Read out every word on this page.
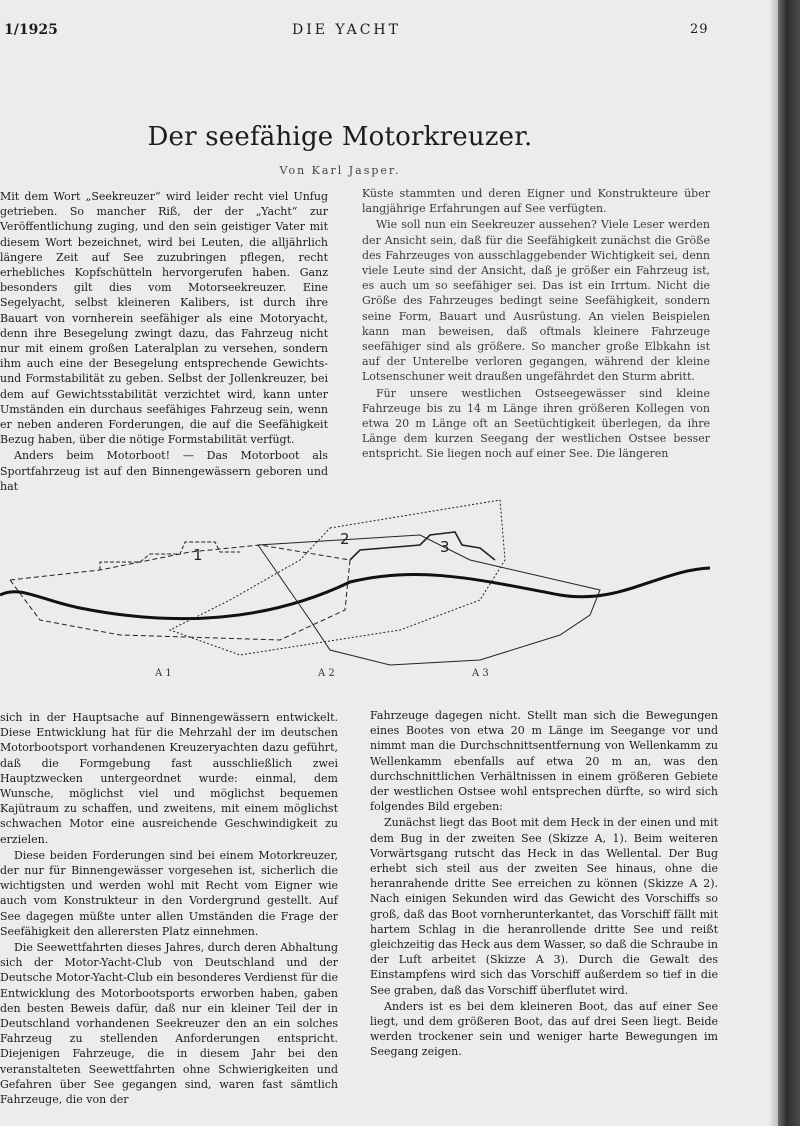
1/1925	DIE YACHT	29
Der seefähige Motorkreuzer.
Von Karl Jasper.

Mit dem Wort „Seekreuzer“ wird leider recht viel Unfug getrieben. So mancher Riß, der der „Yacht“ zur Veröffentlichung zuging, und den sein geistiger Vater mit diesem Wort bezeichnet, wird bei Leuten, die alljährlich längere Zeit auf See zuzubringen pflegen, recht erhebliches Kopfschütteln hervorgerufen haben. Ganz besonders gilt dies vom Motorseekreuzer. Eine Segelyacht, selbst kleineren Kalibers, ist durch ihre Bauart von vornherein seefähiger als eine Motoryacht, denn ihre Besegelung zwingt dazu, das Fahrzeug nicht nur mit einem großen Lateralplan zu versehen, sondern ihm auch eine der Besegelung entsprechende Gewichts- und Formstabilität zu geben. Selbst der Jollenkreuzer, bei dem auf Gewichtsstabilität verzichtet wird, kann unter Umständen ein durchaus seefähiges Fahrzeug sein, wenn er neben anderen Forderungen, die auf die Seefähigkeit Bezug haben, über die nötige Formstabilität verfügt.

Anders beim Motorboot! — Das Motorboot als Sportfahrzeug ist auf den Binnengewässern geboren und hat

Küste stammten und deren Eigner und Konstrukteure über langjährige Erfahrungen auf See verfügten.

Wie soll nun ein Seekreuzer aussehen? Viele Leser werden der Ansicht sein, daß für die Seefähigkeit zunächst die Größe des Fahrzeuges von ausschlaggebender Wichtigkeit sei, denn viele Leute sind der Ansicht, daß je größer ein Fahrzeug ist, es auch um so seefähiger sei. Das ist ein Irrtum. Nicht die Größe des Fahrzeuges bedingt seine Seefähigkeit, sondern seine Form, Bauart und Ausrüstung. An vielen Beispielen kann man beweisen, daß oftmals kleinere Fahrzeuge seefähiger sind als größere. So mancher große Elbkahn ist auf der Unterelbe verloren gegangen, während der kleine Lotsenschuner weit draußen ungefährdet den Sturm abritt.

Für unsere westlichen Ostseegewässer sind kleine Fahrzeuge bis zu 14 m Länge ihren größeren Kollegen von etwa 20 m Länge oft an Seetüchtigkeit überlegen, da ihre Länge dem kurzen Seegang der westlichen Ostsee besser entspricht. Sie liegen noch auf einer See. Die längeren

1
2	3
A 1	A 2	A 3

sich in der Hauptsache auf Binnengewässern entwickelt. Diese Entwicklung hat für die Mehrzahl der im deutschen Motorbootsport vorhandenen Kreuzeryachten dazu geführt, daß die Formgebung fast ausschließlich zwei Hauptzwecken untergeordnet wurde: einmal, dem Wunsche, möglichst viel und möglichst bequemen Kajütraum zu schaffen, und zweitens, mit einem möglichst schwachen Motor eine ausreichende Geschwindigkeit zu erzielen.

Diese beiden Forderungen sind bei einem Motorkreuzer, der nur für Binnengewässer vorgesehen ist, sicherlich die wichtigsten und werden wohl mit Recht vom Eigner wie auch vom Konstrukteur in den Vordergrund gestellt. Auf See dagegen müßte unter allen Umständen die Frage der Seefähigkeit den allerersten Platz einnehmen.

Die Seewettfahrten dieses Jahres, durch deren Abhaltung sich der Motor-Yacht-Club von Deutschland und der Deutsche Motor-Yacht-Club ein besonderes Verdienst für die Entwicklung des Motorbootsports erworben haben, gaben den besten Beweis dafür, daß nur ein kleiner Teil der in Deutschland vorhandenen Seekreuzer den an ein solches Fahrzeug zu stellenden Anforderungen entspricht. Diejenigen Fahrzeuge, die in diesem Jahr bei den veranstalteten Seewettfahrten ohne Schwierigkeiten und Gefahren über See gegangen sind, waren fast sämtlich Fahrzeuge, die von der

Fahrzeuge dagegen nicht. Stellt man sich die Bewegungen eines Bootes von etwa 20 m Länge im Seegange vor und nimmt man die Durchschnittsentfernung von Wellenkamm zu Wellenkamm ebenfalls auf etwa 20 m an, was den durchschnittlichen Verhältnissen in einem größeren Gebiete der westlichen Ostsee wohl entsprechen dürfte, so wird sich folgendes Bild ergeben:

Zunächst liegt das Boot mit dem Heck in der einen und mit dem Bug in der zweiten See (Skizze A, 1). Beim weiteren Vorwärtsgang rutscht das Heck in das Wellental. Der Bug erhebt sich steil aus der zweiten See hinaus, ohne die heranrahende dritte See erreichen zu können (Skizze A 2). Nach einigen Sekunden wird das Gewicht des Vorschiffs so groß, daß das Boot vornherunterkantet, das Vorschiff fällt mit hartem Schlag in die heranrollende dritte See und reißt gleichzeitig das Heck aus dem Wasser, so daß die Schraube in der Luft arbeitet (Skizze A 3). Durch die Gewalt des Einstampfens wird sich das Vorschiff außerdem so tief in die See graben, daß das Vorschiff überflutet wird.

Anders ist es bei dem kleineren Boot, das auf einer See liegt, und dem größeren Boot, das auf drei Seen liegt. Beide werden trockener sein und weniger harte Bewegungen im Seegang zeigen.
